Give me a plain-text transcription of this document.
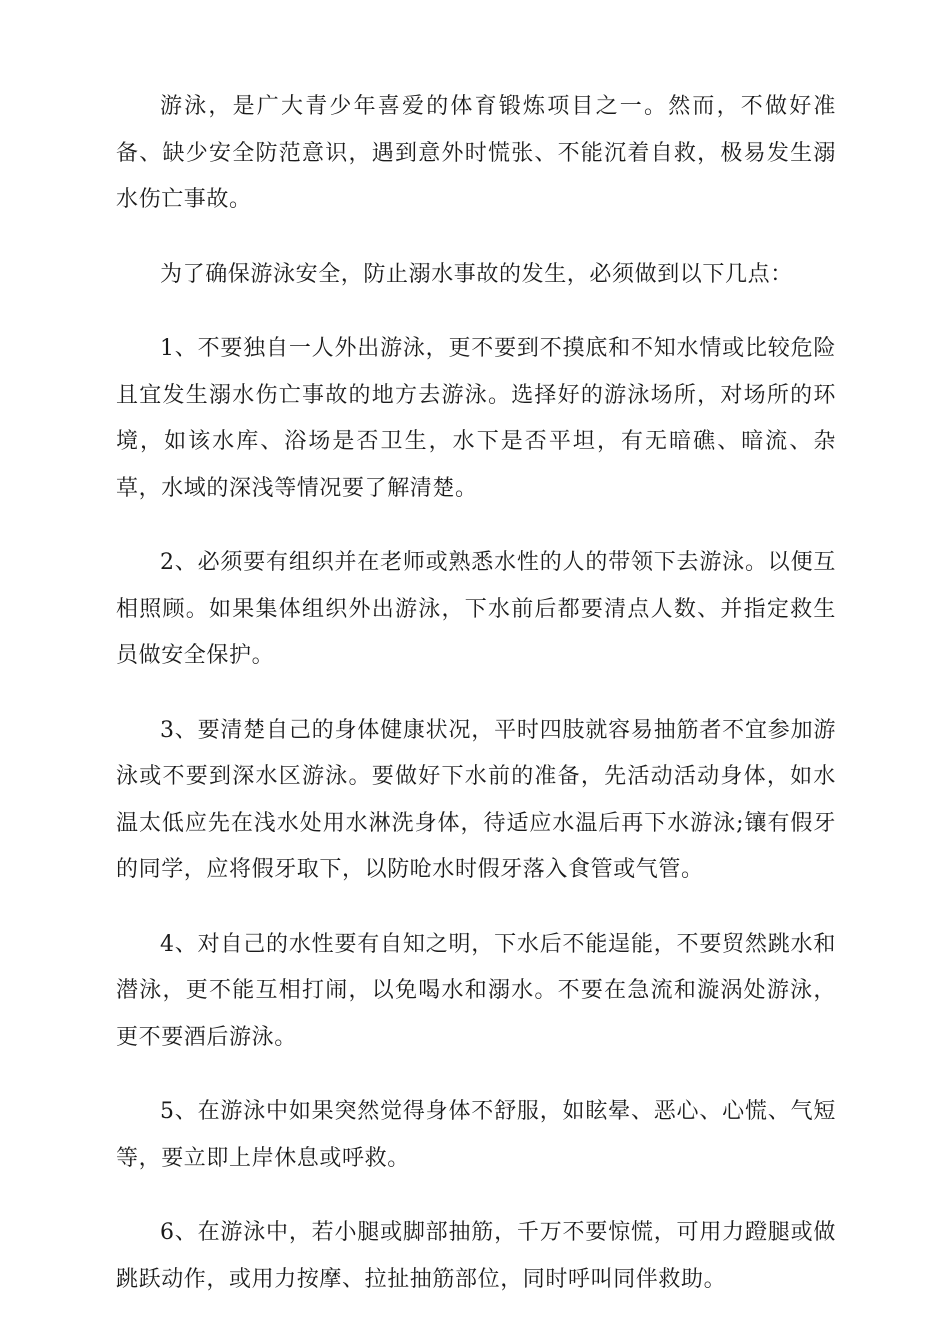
游泳，是广大青少年喜爱的体育锻炼项目之一。然而，不做好准备、缺少安全防范意识，遇到意外时慌张、不能沉着自救，极易发生溺水伤亡事故。

为了确保游泳安全，防止溺水事故的发生，必须做到以下几点：

1、不要独自一人外出游泳，更不要到不摸底和不知水情或比较危险且宜发生溺水伤亡事故的地方去游泳。选择好的游泳场所，对场所的环境，如该水库、浴场是否卫生，水下是否平坦，有无暗礁、暗流、杂草，水域的深浅等情况要了解清楚。

2、必须要有组织并在老师或熟悉水性的人的带领下去游泳。以便互相照顾。如果集体组织外出游泳，下水前后都要清点人数、并指定救生员做安全保护。

3、要清楚自己的身体健康状况，平时四肢就容易抽筋者不宜参加游泳或不要到深水区游泳。要做好下水前的准备，先活动活动身体，如水温太低应先在浅水处用水淋洗身体，待适应水温后再下水游泳;镶有假牙的同学，应将假牙取下，以防呛水时假牙落入食管或气管。

4、对自己的水性要有自知之明，下水后不能逞能，不要贸然跳水和潜泳，更不能互相打闹，以免喝水和溺水。不要在急流和漩涡处游泳，更不要酒后游泳。

5、在游泳中如果突然觉得身体不舒服，如眩晕、恶心、心慌、气短等，要立即上岸休息或呼救。

6、在游泳中，若小腿或脚部抽筋，千万不要惊慌，可用力蹬腿或做跳跃动作，或用力按摩、拉扯抽筋部位，同时呼叫同伴救助。
